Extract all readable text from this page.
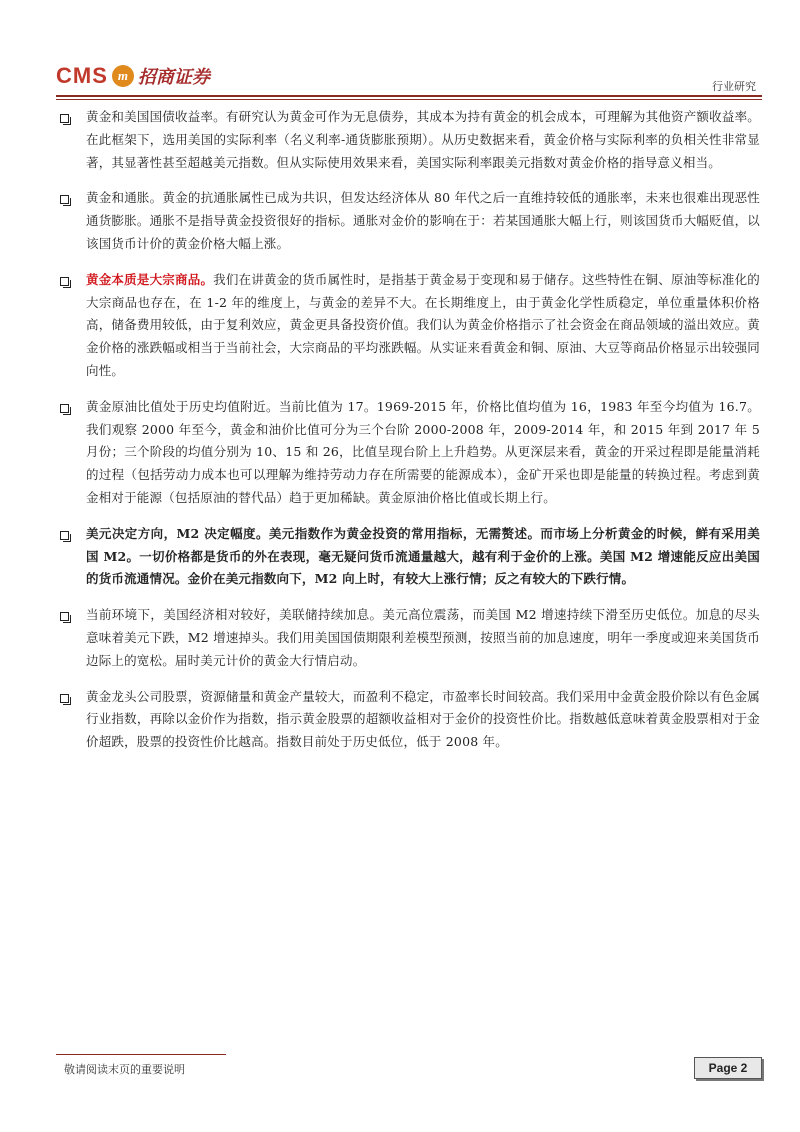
CMS m 招商证券	行业研究
黄金和美国国债收益率。有研究认为黄金可作为无息债券，其成本为持有黄金的机会成本，可理解为其他资产额收益率。在此框架下，选用美国的实际利率（名义利率-通货膨胀预期）。从历史数据来看，黄金价格与实际利率的负相关性非常显著，其显著性甚至超越美元指数。但从实际使用效果来看，美国实际利率跟美元指数对黄金价格的指导意义相当。
黄金和通胀。黄金的抗通胀属性已成为共识，但发达经济体从 80 年代之后一直维持较低的通胀率，未来也很难出现恶性通货膨胀。通胀不是指导黄金投资很好的指标。通胀对金价的影响在于：若某国通胀大幅上行，则该国货币大幅贬值，以该国货币计价的黄金价格大幅上涨。
黄金本质是大宗商品。我们在讲黄金的货币属性时，是指基于黄金易于变现和易于储存。这些特性在铜、原油等标准化的大宗商品也存在，在 1-2 年的维度上，与黄金的差异不大。在长期维度上，由于黄金化学性质稳定，单位重量体积价格高，储备费用较低，由于复利效应，黄金更具备投资价值。我们认为黄金价格指示了社会资金在商品领域的溢出效应。黄金价格的涨跌幅或相当于当前社会，大宗商品的平均涨跌幅。从实证来看黄金和铜、原油、大豆等商品价格显示出较强同向性。
黄金原油比值处于历史均值附近。当前比值为 17。1969-2015 年，价格比值均值为 16，1983 年至今均值为 16.7。我们观察 2000 年至今，黄金和油价比值可分为三个台阶 2000-2008 年，2009-2014 年，和 2015 年到 2017 年 5 月份；三个阶段的均值分别为 10、15 和 26，比值呈现台阶上上升趋势。从更深层来看，黄金的开采过程即是能量消耗的过程（包括劳动力成本也可以理解为维持劳动力存在所需要的能源成本），金矿开采也即是能量的转换过程。考虑到黄金相对于能源（包括原油的替代品）趋于更加稀缺。黄金原油价格比值或长期上行。
美元决定方向，M2 决定幅度。美元指数作为黄金投资的常用指标，无需赘述。而市场上分析黄金的时候，鲜有采用美国 M2。一切价格都是货币的外在表现，毫无疑问货币流通量越大，越有利于金价的上涨。美国 M2 增速能反应出美国的货币流通情况。金价在美元指数向下，M2 向上时，有较大上涨行情；反之有较大的下跌行情。
当前环境下，美国经济相对较好，美联储持续加息。美元高位震荡，而美国 M2 增速持续下滑至历史低位。加息的尽头意味着美元下跌，M2 增速掉头。我们用美国国债期限利差模型预测，按照当前的加息速度，明年一季度或迎来美国货币边际上的宽松。届时美元计价的黄金大行情启动。
黄金龙头公司股票，资源储量和黄金产量较大，而盈利不稳定，市盈率长时间较高。我们采用中金黄金股价除以有色金属行业指数，再除以金价作为指数，指示黄金股票的超额收益相对于金价的投资性价比。指数越低意味着黄金股票相对于金价超跌，股票的投资性价比越高。指数目前处于历史低位，低于 2008 年。
敬请阅读末页的重要说明	Page 2
